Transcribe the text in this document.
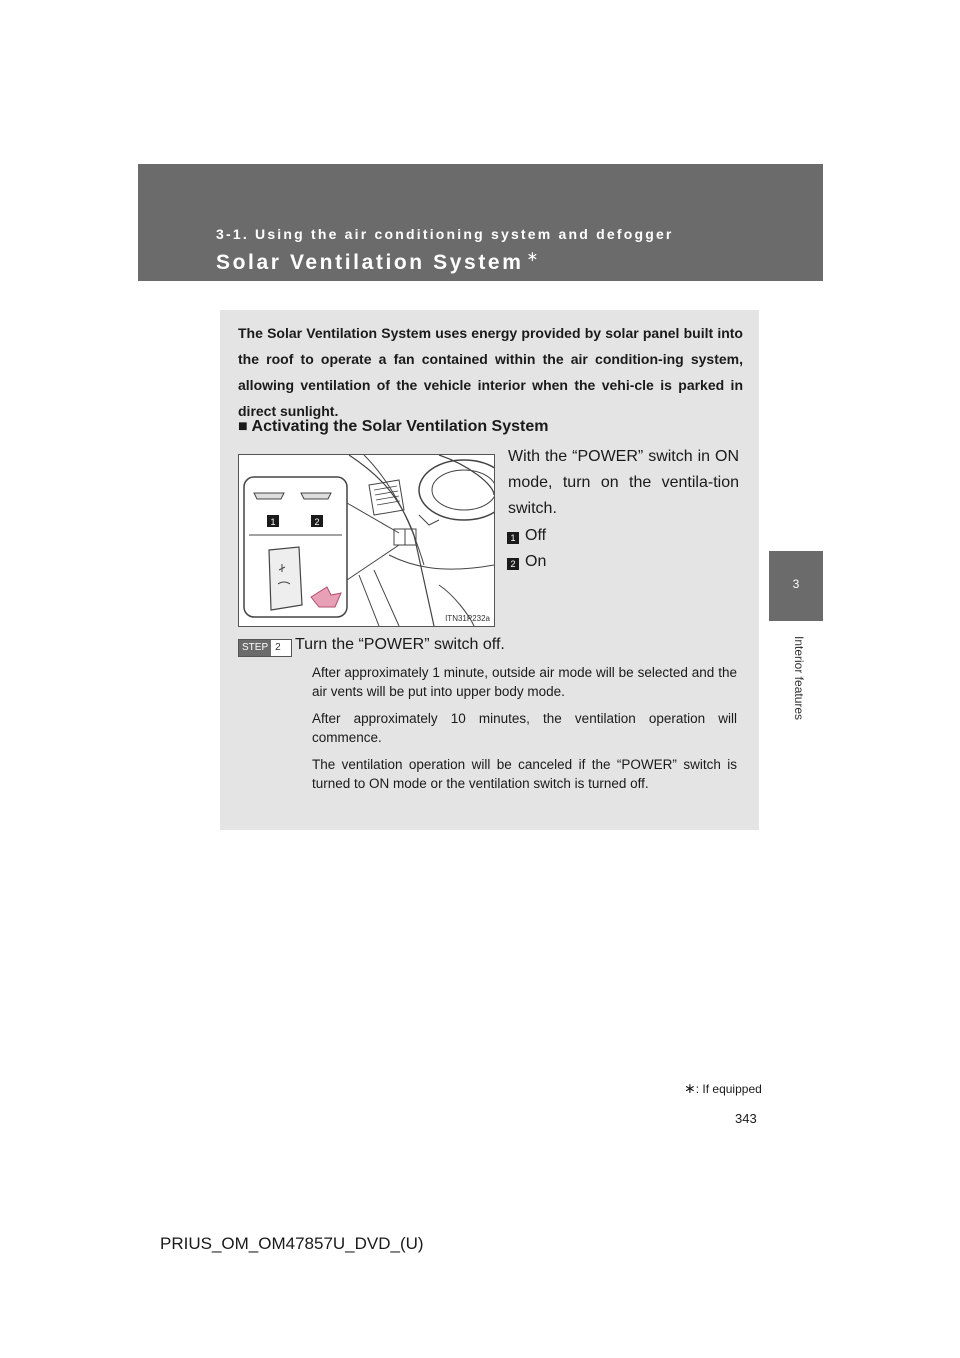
3-1. Using the air conditioning system and defogger
Solar Ventilation System ∗
3
Interior features
The Solar Ventilation System uses energy provided by solar panel built into the roof to operate a fan contained within the air condition-ing system, allowing ventilation of the vehicle interior when the vehi-cle is parked in direct sunlight.
■ Activating the Solar Ventilation System
1	2
ITN31P232a
With the “POWER” switch in ON mode, turn on the ventila-tion switch.
1 Off
2 On
STEP 2 Turn the “POWER” switch off.
After approximately 1 minute, outside air mode will be selected and the air vents will be put into upper body mode.
After approximately 10 minutes, the ventilation operation will commence.
The ventilation operation will be canceled if the “POWER” switch is turned to ON mode or the ventilation switch is turned off.
∗: If equipped
343
PRIUS_OM_OM47857U_DVD_(U)
